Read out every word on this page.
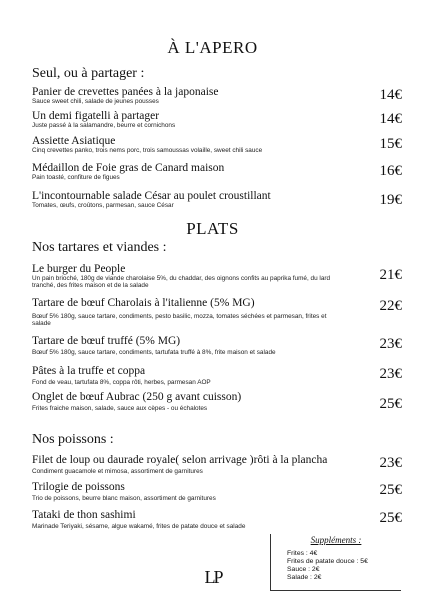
À L'APERO
Seul, ou à partager :
Panier de crevettes panées à la japonaise
Sauce sweet chili, salade de jeunes pousses	14€
Un demi figatelli à partager
Juste passé à la salamandre, beurre et cornichons	14€
Assiette Asiatique
Cinq crevettes panko, trois nems porc, trois samoussas volaille, sweet chili sauce	15€
Médaillon de Foie gras de Canard maison
Pain toasté, confiture de figues	16€
L'incontournable salade César au poulet croustillant
Tomates, œufs, croûtons, parmesan, sauce César	19€
PLATS
Nos tartares et viandes :
Le burger du People
Un pain brioché, 180g de viande charolaise 5%, du chaddar, des oignons confits au paprika fumé, du lard tranché, des frites maison et de la salade
21€
Tartare de bœuf Charolais à l'italienne (5% MG)
Bœuf 5% 180g, sauce tartare, condiments, pesto basilic, mozza, tomates séchées et parmesan, frites et salade
22€
Tartare de bœuf truffé (5% MG)
Bœuf 5% 180g, sauce tartare, condiments, tartufata truffé à 8%, frite maison et salade
23€
Pâtes à la truffe et coppa
Fond de veau, tartufata 8%, coppa rôti, herbes, parmesan AOP
23€
Onglet de bœuf Aubrac (250 g avant cuisson)
Frites fraiche maison, salade, sauce aux cèpes - ou échalotes	25€
Nos poissons :
Filet de loup ou daurade royale( selon arrivage )rôti à la plancha
Condiment guacamole et mimosa, assortiment de garnitures
23€
Trilogie de poissons
Trio de poissons, beurre blanc maison, assortiment de garnitures
25€
Tataki de thon sashimi
Marinade Teriyaki, sésame, algue wakamé, frites de patate douce et salade
25€
Suppléments :
Frites : 4€
Frites de patate douce : 5€
Sauce : 2€
Salade : 2€
LP
